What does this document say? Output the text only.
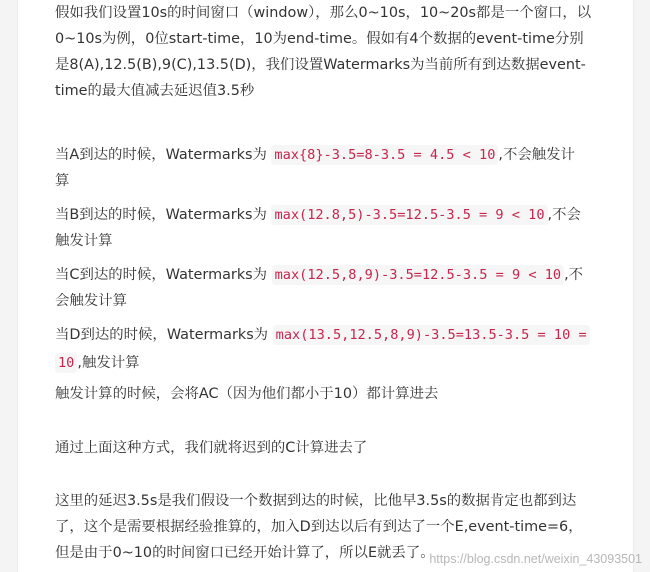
假如我们设置10s的时间窗口（window），那么0~10s，10~20s都是一个窗口，以
0~10s为例，0位start-time，10为end-time。假如有4个数据的event-time分别
是8(A),12.5(B),9(C),13.5(D)，我们设置Watermarks为当前所有到达数据event-
time的最大值减去延迟值3.5秒
当A到达的时候，Watermarks为 max{8}-3.5=8-3.5 = 4.5 < 10 ,不会触发计
算
当B到达的时候，Watermarks为 max(12.8,5)-3.5=12.5-3.5 = 9 < 10 ,不会
触发计算
当C到达的时候，Watermarks为 max(12.5,8,9)-3.5=12.5-3.5 = 9 < 10 ,不
会触发计算
当D到达的时候，Watermarks为 max(13.5,12.5,8,9)-3.5=13.5-3.5 = 10 =
10 ,触发计算
触发计算的时候，会将AC（因为他们都小于10）都计算进去
通过上面这种方式，我们就将迟到的C计算进去了
这里的延迟3.5s是我们假设一个数据到达的时候，比他早3.5s的数据肯定也都到达
了，这个是需要根据经验推算的，加入D到达以后有到达了一个E,event-time=6，
但是由于0~10的时间窗口已经开始计算了，所以E就丢了。
https://blog.csdn.net/weixin_43093501
